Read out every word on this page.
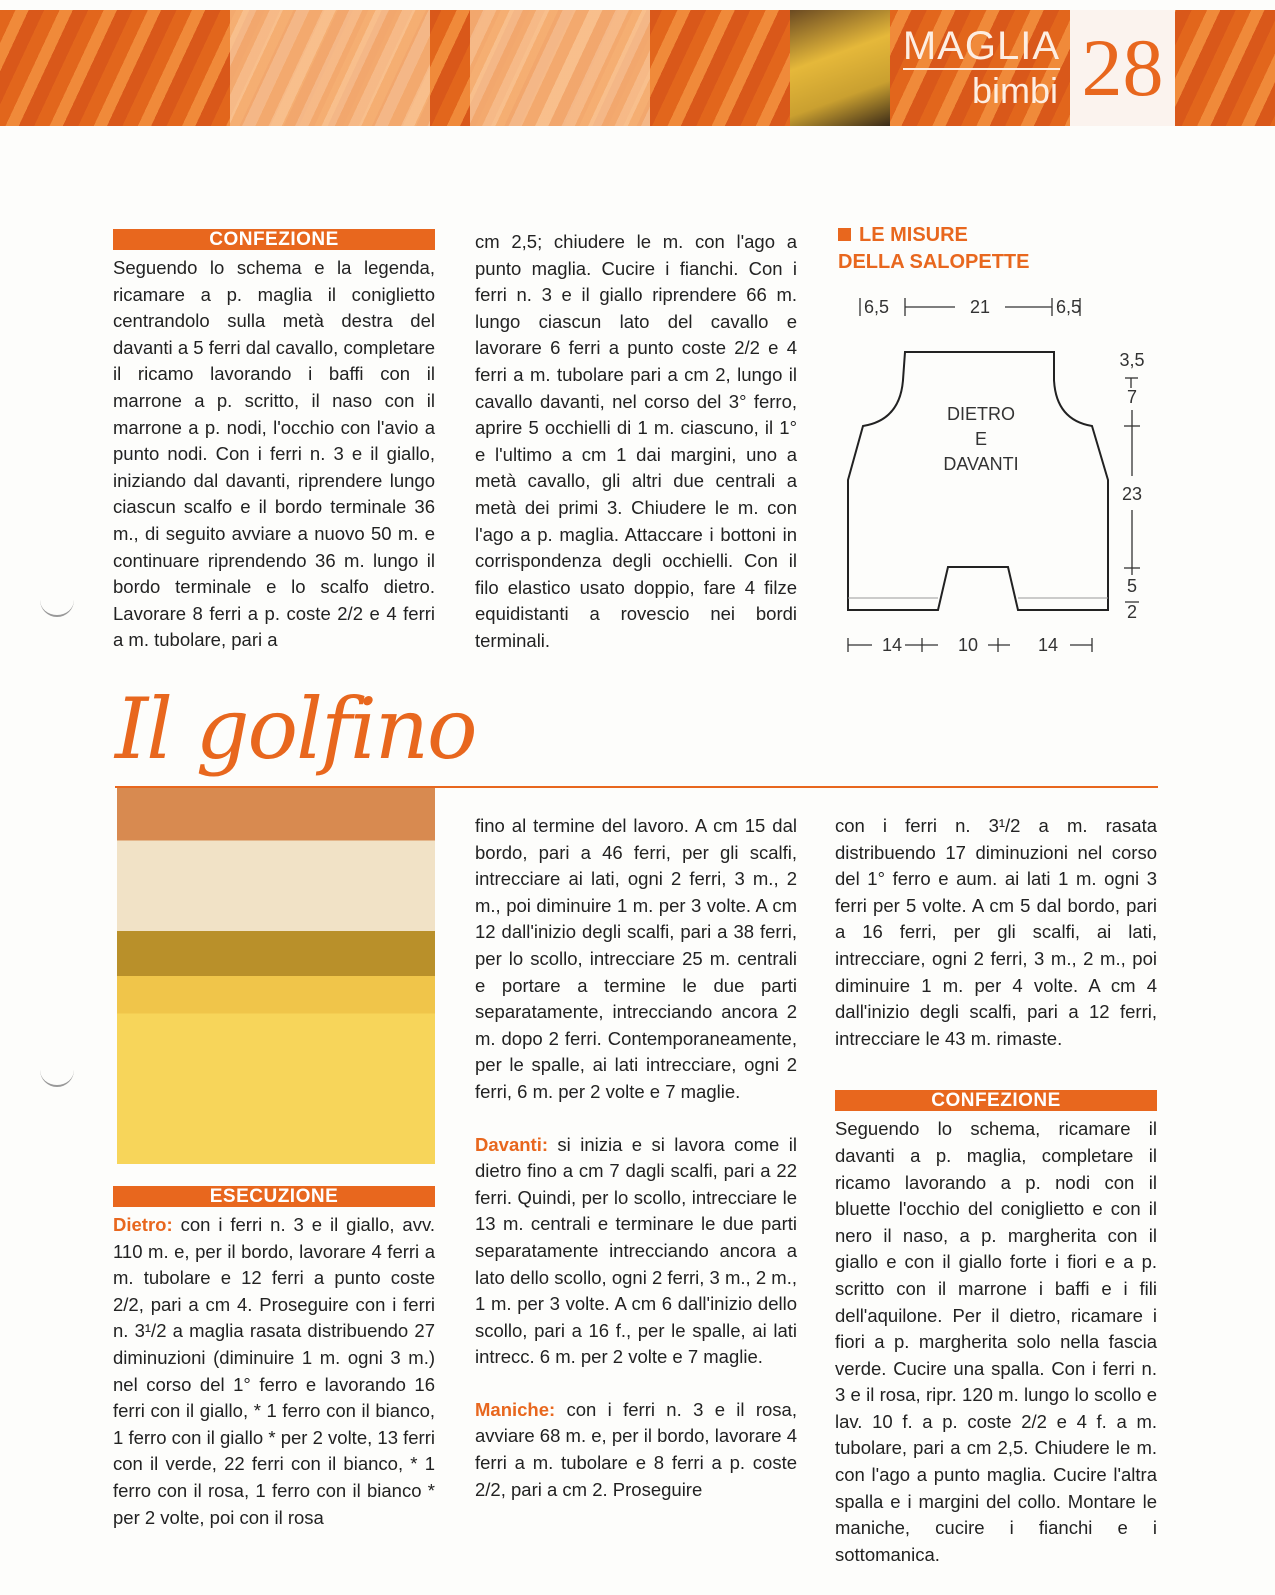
MAGLIA
bimbi 28
CONFEZIONE

Seguendo lo schema e la legenda, ricamare a p. maglia il coniglietto centrandolo sulla metà destra del davanti a 5 ferri dal cavallo, completare il ricamo lavorando i baffi con il marrone a p. scritto, il naso con il marrone a p. nodi, l'occhio con l'avio a punto nodi. Con i ferri n. 3 e il giallo, iniziando dal davanti, riprendere lungo ciascun scalfo e il bordo terminale 36 m., di seguito avviare a nuovo 50 m. e continuare riprendendo 36 m. lungo il bordo terminale e lo scalfo dietro. Lavorare 8 ferri a p. coste 2/2 e 4 ferri a m. tubolare, pari a

cm 2,5; chiudere le m. con l'ago a punto maglia. Cucire i fianchi. Con i ferri n. 3 e il giallo riprendere 66 m. lungo ciascun lato del cavallo e lavorare 6 ferri a punto coste 2/2 e 4 ferri a m. tubolare pari a cm 2, lungo il cavallo davanti, nel corso del 3° ferro, aprire 5 occhielli di 1 m. ciascuno, il 1° e l'ultimo a cm 1 dai margini, uno a metà cavallo, gli altri due centrali a metà dei primi 3. Chiudere le m. con l'ago a p. maglia. Attaccare i bottoni in corrispondenza degli occhielli. Con il filo elastico usato doppio, fare 4 filze equidistanti a rovescio nei bordi terminali.

LE MISURE
DELLA SALOPETTE
DIETRO
E
DAVANTI
6,5	21	6,5
14	10	14
3,5
7
23
5
2
Il golfino
ESECUZIONE

Dietro: con i ferri n. 3 e il giallo, avv. 110 m. e, per il bordo, lavorare 4 ferri a m. tubolare e 12 ferri a punto coste 2/2, pari a cm 4. Proseguire con i ferri n. 3¹/2 a maglia rasata distribuendo 27 diminuzioni (diminuire 1 m. ogni 3 m.) nel corso del 1° ferro e lavorando 16 ferri con il giallo, * 1 ferro con il bianco, 1 ferro con il giallo * per 2 volte, 13 ferri con il verde, 22 ferri con il bianco, * 1 ferro con il rosa, 1 ferro con il bianco * per 2 volte, poi con il rosa

fino al termine del lavoro. A cm 15 dal bordo, pari a 46 ferri, per gli scalfi, intrecciare ai lati, ogni 2 ferri, 3 m., 2 m., poi diminuire 1 m. per 3 volte. A cm 12 dall'inizio degli scalfi, pari a 38 ferri, per lo scollo, intrecciare 25 m. centrali e portare a termine le due parti separatamente, intrecciando ancora 2 m. dopo 2 ferri. Contemporaneamente, per le spalle, ai lati intrecciare, ogni 2 ferri, 6 m. per 2 volte e 7 maglie.

Davanti: si inizia e si lavora come il dietro fino a cm 7 dagli scalfi, pari a 22 ferri. Quindi, per lo scollo, intrecciare le 13 m. centrali e terminare le due parti separatamente intrecciando ancora a lato dello scollo, ogni 2 ferri, 3 m., 2 m., 1 m. per 3 volte. A cm 6 dall'inizio dello scollo, pari a 16 f., per le spalle, ai lati intrecc. 6 m. per 2 volte e 7 maglie.

Maniche: con i ferri n. 3 e il rosa, avviare 68 m. e, per il bordo, lavorare 4 ferri a m. tubolare e 8 ferri a p. coste 2/2, pari a cm 2. Proseguire

con i ferri n. 3¹/2 a m. rasata distribuendo 17 diminuzioni nel corso del 1° ferro e aum. ai lati 1 m. ogni 3 ferri per 5 volte. A cm 5 dal bordo, pari a 16 ferri, per gli scalfi, ai lati, intrecciare, ogni 2 ferri, 3 m., 2 m., poi diminuire 1 m. per 4 volte. A cm 4 dall'inizio degli scalfi, pari a 12 ferri, intrecciare le 43 m. rimaste.

CONFEZIONE

Seguendo lo schema, ricamare il davanti a p. maglia, completare il ricamo lavorando a p. nodi con il bluette l'occhio del coniglietto e con il nero il naso, a p. margherita con il giallo e con il giallo forte i fiori e a p. scritto con il marrone i baffi e i fili dell'aquilone. Per il dietro, ricamare i fiori a p. margherita solo nella fascia verde. Cucire una spalla. Con i ferri n. 3 e il rosa, ripr. 120 m. lungo lo scollo e lav. 10 f. a p. coste 2/2 e 4 f. a m. tubolare, pari a cm 2,5. Chiudere le m. con l'ago a punto maglia. Cucire l'altra spalla e i margini del collo. Montare le maniche, cucire i fianchi e i sottomanica.
